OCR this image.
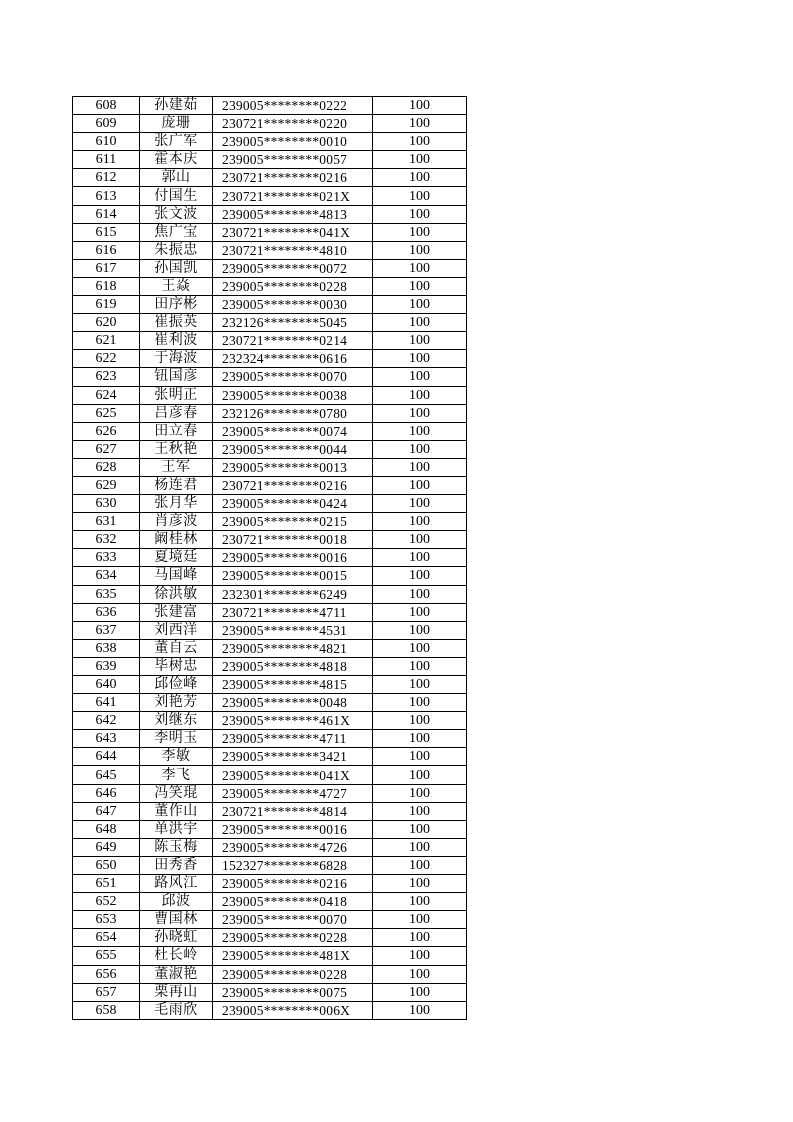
608	孙建茹	239005********0222	100
609	庞珊	230721********0220	100
610	张广军	239005********0010	100
611	霍本庆	239005********0057	100
612	郭山	230721********0216	100
613	付国生	230721********021X	100
614	张文波	239005********4813	100
615	焦广宝	230721********041X	100
616	朱振忠	230721********4810	100
617	孙国凯	239005********0072	100
618	王焱	239005********0228	100
619	田序彬	239005********0030	100
620	崔振英	232126********5045	100
621	崔利波	230721********0214	100
622	于海波	232324********0616	100
623	钮国彦	239005********0070	100
624	张明正	239005********0038	100
625	吕彦春	232126********0780	100
626	田立春	239005********0074	100
627	王秋艳	239005********0044	100
628	王军	239005********0013	100
629	杨连君	230721********0216	100
630	张月华	239005********0424	100
631	肖彦波	239005********0215	100
632	阚桂林	230721********0018	100
633	夏境廷	239005********0016	100
634	马国峰	239005********0015	100
635	徐洪敏	232301********6249	100
636	张建富	230721********4711	100
637	刘西洋	239005********4531	100
638	董自云	239005********4821	100
639	毕树忠	239005********4818	100
640	邱俭峰	239005********4815	100
641	刘艳芳	239005********0048	100
642	刘继东	239005********461X	100
643	李明玉	239005********4711	100
644	李敏	239005********3421	100
645	李飞	239005********041X	100
646	冯笑琨	239005********4727	100
647	董作山	230721********4814	100
648	单洪宇	239005********0016	100
649	陈玉梅	239005********4726	100
650	田秀香	152327********6828	100
651	路风江	239005********0216	100
652	邱波	239005********0418	100
653	曹国林	239005********0070	100
654	孙晓虹	239005********0228	100
655	杜长岭	239005********481X	100
656	董淑艳	239005********0228	100
657	栗再山	239005********0075	100
658	毛雨欣	239005********006X	100
